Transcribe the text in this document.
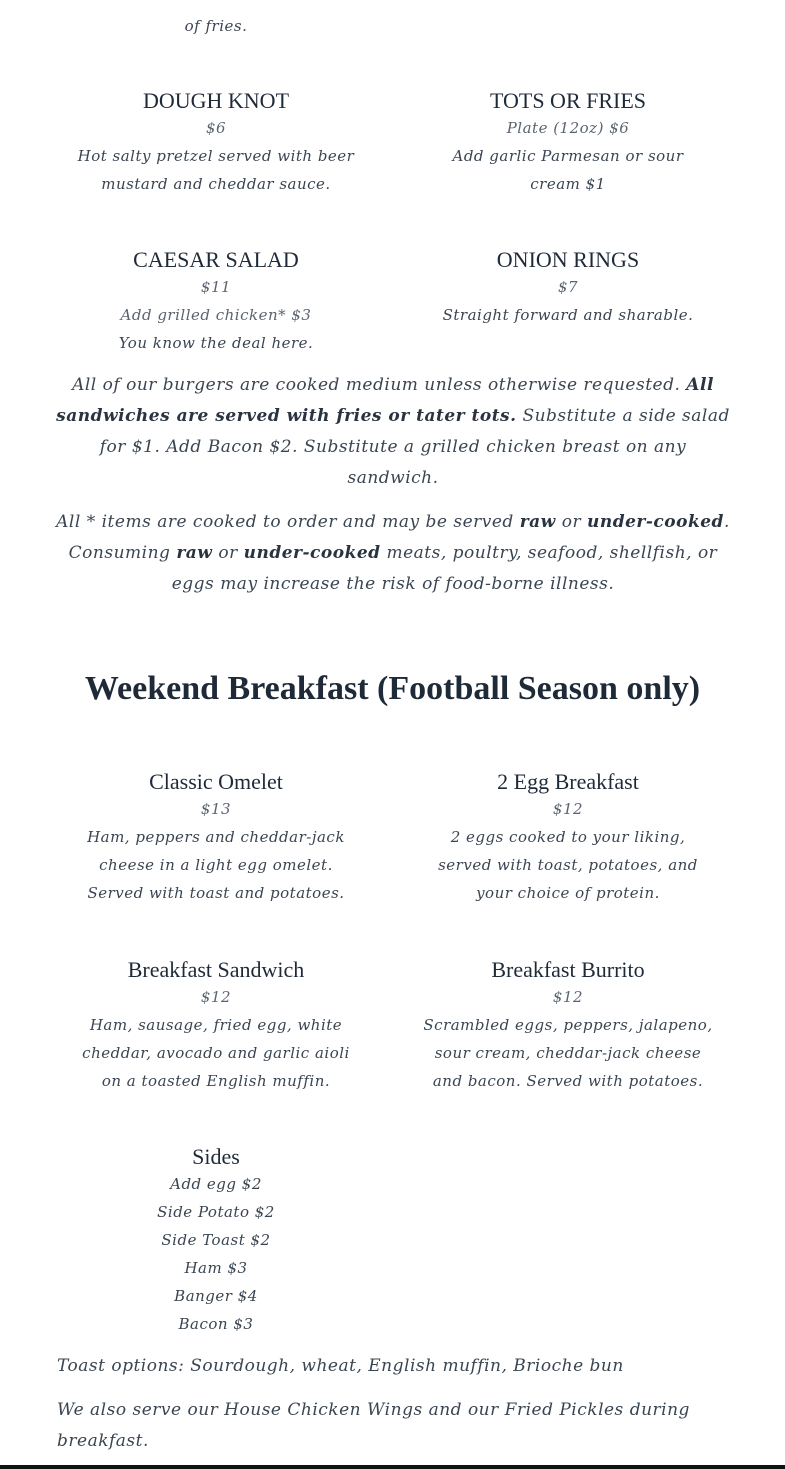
of fries.

DOUGH KNOT

$6

Hot salty pretzel served with beer

mustard and cheddar sauce.

TOTS OR FRIES

Plate (12oz) $6

Add garlic Parmesan or sour

cream $1

CAESAR SALAD

$11

Add grilled chicken* $3

You know the deal here.

ONION RINGS

$7

Straight forward and sharable.

All of our burgers are cooked medium unless otherwise requested. All sandwiches are served with fries or tater tots. Substitute a side salad for $1. Add Bacon $2. Substitute a grilled chicken breast on any sandwich.
All * items are cooked to order and may be served raw or under-cooked. Consuming raw or under-cooked meats, poultry, seafood, shellfish, or eggs may increase the risk of food-borne illness.
Weekend Breakfast (Football Season only)

Classic Omelet

$13

Ham, peppers and cheddar-jack

cheese in a light egg omelet.

Served with toast and potatoes.

2 Egg Breakfast

$12

2 eggs cooked to your liking,

served with toast, potatoes, and

your choice of protein.

Breakfast Sandwich

$12

Ham, sausage, fried egg, white

cheddar, avocado and garlic aioli

on a toasted English muffin.

Breakfast Burrito

$12

Scrambled eggs, peppers, jalapeno,

sour cream, cheddar-jack cheese

and bacon. Served with potatoes.

Sides

Add egg $2
Side Potato $2
Side Toast $2
Ham $3
Banger $4
Bacon $3
Toast options: Sourdough, wheat, English muffin, Brioche bun
We also serve our House Chicken Wings and our Fried Pickles during breakfast.
